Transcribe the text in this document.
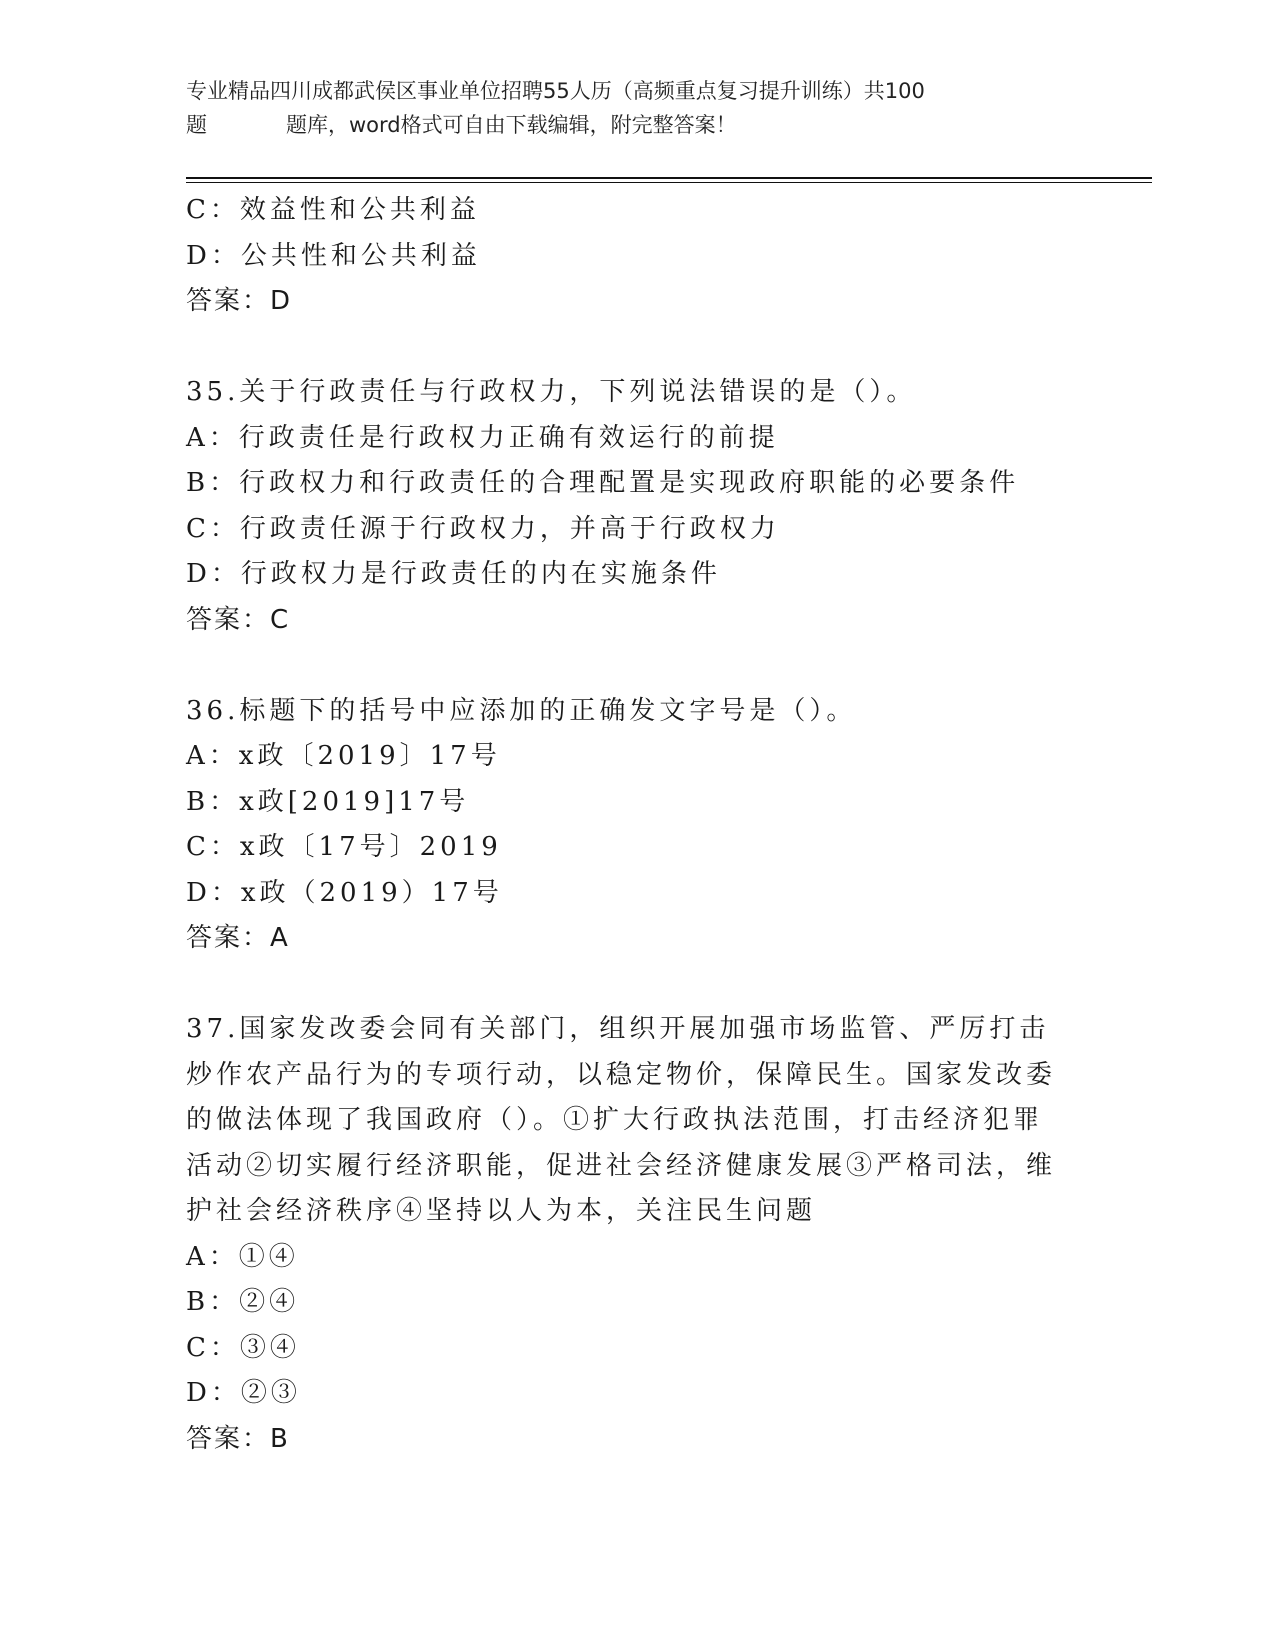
专业精品四川成都武侯区事业单位招聘55人历（高频重点复习提升训练）共100
题	题库，word格式可自由下载编辑，附完整答案！
C：效益性和公共利益
D：公共性和公共利益
答案：D
35.关于行政责任与行政权力，下列说法错误的是（）。
A：行政责任是行政权力正确有效运行的前提
B：行政权力和行政责任的合理配置是实现政府职能的必要条件
C：行政责任源于行政权力，并高于行政权力
D：行政权力是行政责任的内在实施条件
答案：C
36.标题下的括号中应添加的正确发文字号是（）。
A：x政〔2019〕17号
B：x政[2019]17号
C：x政〔17号〕2019
D：x政（2019）17号
答案：A
37.国家发改委会同有关部门，组织开展加强市场监管、严厉打击炒作农产品行为的专项行动，以稳定物价，保障民生。国家发改委的做法体现了我国政府（）。①扩大行政执法范围，打击经济犯罪活动②切实履行经济职能，促进社会经济健康发展③严格司法，维护社会经济秩序④坚持以人为本，关注民生问题
A：①④
B：②④
C：③④
D：②③
答案：B
